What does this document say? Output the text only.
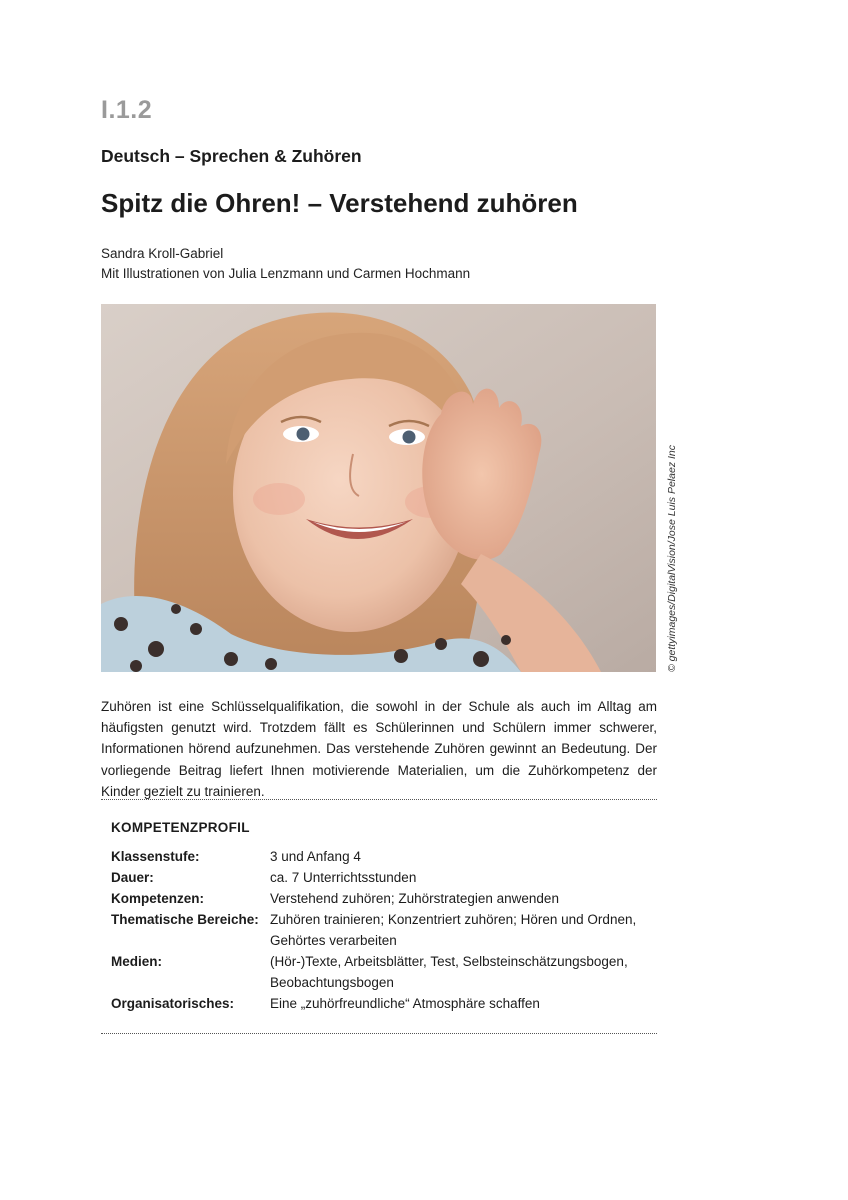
I.1.2
Deutsch – Sprechen & Zuhören
Spitz die Ohren! – Verstehend zuhören
Sandra Kroll-Gabriel
Mit Illustrationen von Julia Lenzmann und Carmen Hochmann
© gettyimages/DigitalVision/Jose Luis Pelaez Inc

Zuhören ist eine Schlüsselqualifikation, die sowohl in der Schule als auch im Alltag am häufigsten genutzt wird. Trotzdem fällt es Schülerinnen und Schülern immer schwerer, Informationen hörend aufzunehmen. Das verstehende Zuhören gewinnt an Bedeutung. Der vorliegende Beitrag liefert Ihnen motivierende Materialien, um die Zuhörkompetenz der Kinder gezielt zu trainieren.

KOMPETENZPROFIL
Klassenstufe:	3 und Anfang 4

Dauer:	ca. 7 Unterrichtsstunden

Kompetenzen:	Verstehend zuhören; Zuhörstrategien anwenden

Thematische Bereiche:	Zuhören trainieren; Konzentriert zuhören; Hören und Ordnen,
Gehörtes verarbeiten

Medien:	(Hör-)Texte, Arbeitsblätter, Test, Selbsteinschätzungsbogen,
Beobachtungsbogen

Organisatorisches:	Eine „zuhörfreundliche“ Atmosphäre schaffen
